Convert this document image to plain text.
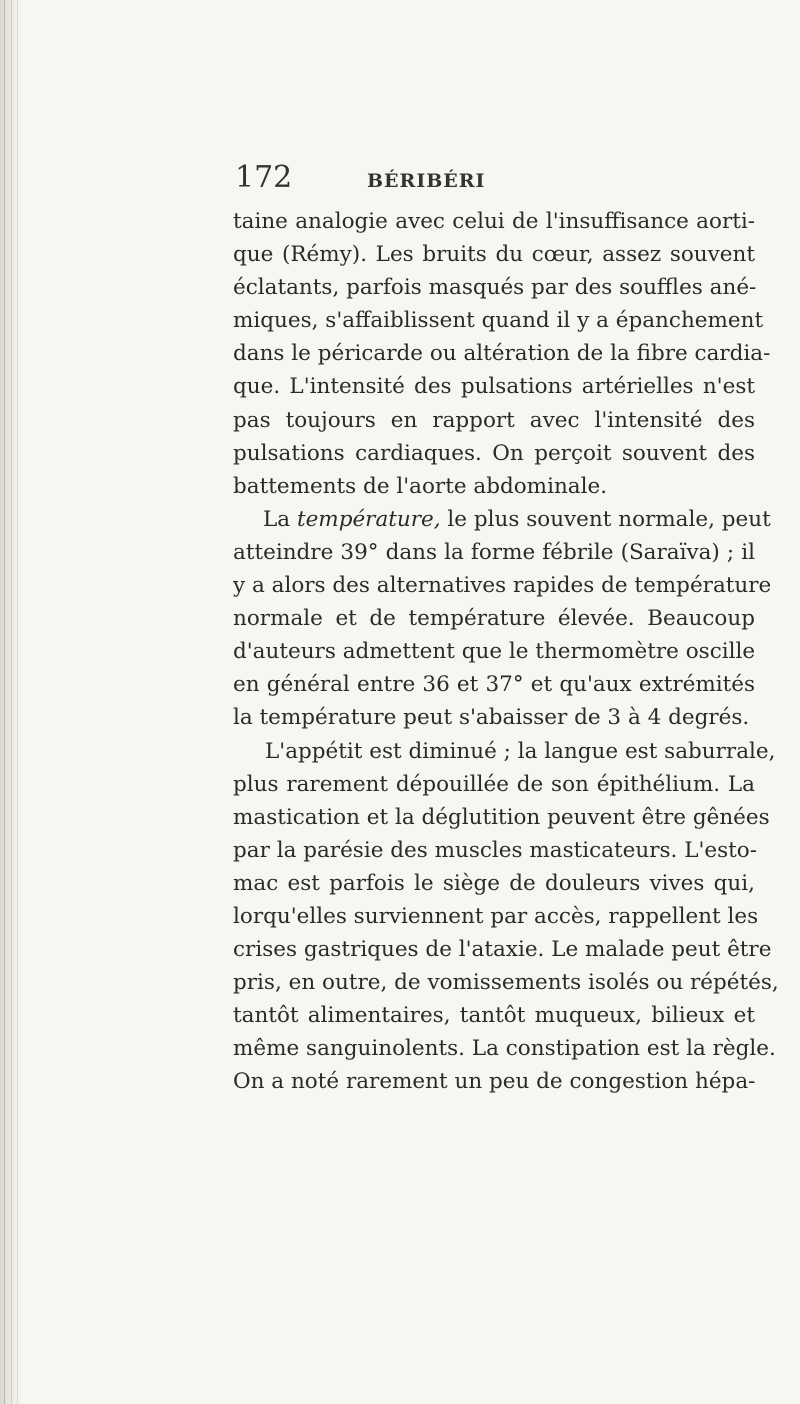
172	BÉRIBÉRI
taine analogie avec celui de l'insuffisance aorti-
que (Rémy). Les bruits du cœur, assez souvent
éclatants, parfois masqués par des souffles ané-
miques, s'affaiblissent quand il y a épanchement
dans le péricarde ou altération de la fibre cardia-
que. L'intensité des pulsations artérielles n'est
pas toujours en rapport avec l'intensité des
pulsations cardiaques. On perçoit souvent des
battements de l'aorte abdominale.
La température, le plus souvent normale, peut
atteindre 39° dans la forme fébrile (Saraïva) ; il
y a alors des alternatives rapides de température
normale et de température élevée. Beaucoup
d'auteurs admettent que le thermomètre oscille
en général entre 36 et 37° et qu'aux extrémités
la température peut s'abaisser de 3 à 4 degrés.
L'appétit est diminué ; la langue est saburrale,
plus rarement dépouillée de son épithélium. La
mastication et la déglutition peuvent être gênées
par la parésie des muscles masticateurs. L'esto-
mac est parfois le siège de douleurs vives qui,
lorqu'elles surviennent par accès, rappellent les
crises gastriques de l'ataxie. Le malade peut être
pris, en outre, de vomissements isolés ou répétés,
tantôt alimentaires, tantôt muqueux, bilieux et
même sanguinolents. La constipation est la règle.
On a noté rarement un peu de congestion hépa-
